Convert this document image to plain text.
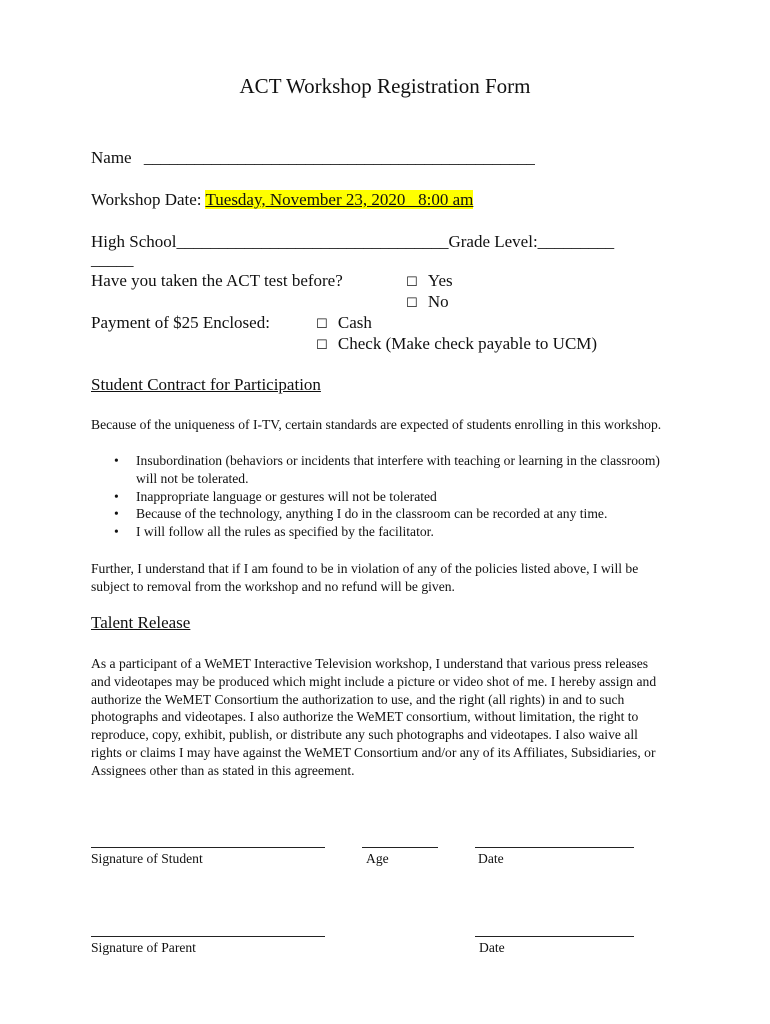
ACT Workshop Registration Form
Name ______________________________________________
Workshop Date: Tuesday, November 23, 2020   8:00 am
High School________________________________Grade Level:_________
_____
Have you taken the ACT test before?	☐ Yes
☐ No
Payment of $25 Enclosed:	☐ Cash
☐ Check (Make check payable to UCM)
Student Contract for Participation
Because of the uniqueness of I-TV, certain standards are expected of students enrolling in this workshop.
• Insubordination (behaviors or incidents that interfere with teaching or learning in the classroom) will not be tolerated.
• Inappropriate language or gestures will not be tolerated
• Because of the technology, anything I do in the classroom can be recorded at any time.
• I will follow all the rules as specified by the facilitator.
Further, I understand that if I am found to be in violation of any of the policies listed above, I will be subject to removal from the workshop and no refund will be given.
Talent Release
As a participant of a WeMET Interactive Television workshop, I understand that various press releases and videotapes may be produced which might include a picture or video shot of me. I hereby assign and authorize the WeMET Consortium the authorization to use, and the right (all rights) in and to such photographs and videotapes. I also authorize the WeMET consortium, without limitation, the right to reproduce, copy, exhibit, publish, or distribute any such photographs and videotapes. I also waive all rights or claims I may have against the WeMET Consortium and/or any of its Affiliates, Subsidiaries, or Assignees other than as stated in this agreement.
Signature of Student	Age	Date
Signature of Parent	Date
